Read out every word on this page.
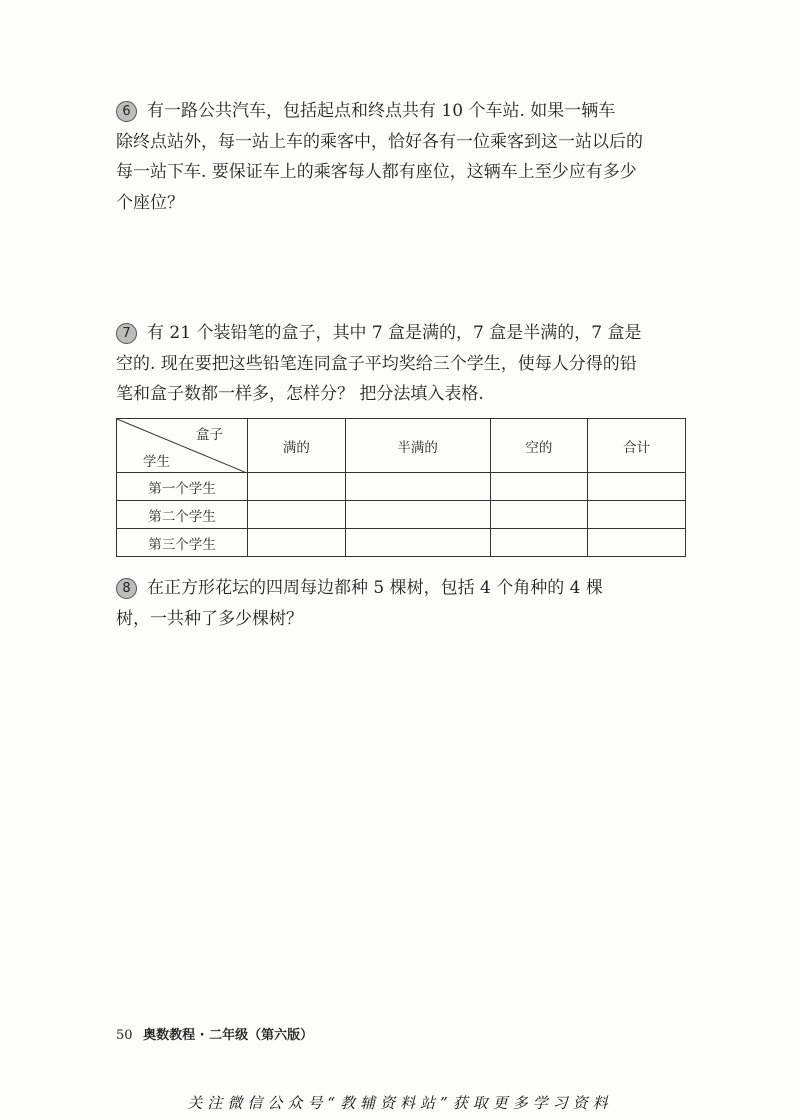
6 有一路公共汽车，包括起点和终点共有 10 个车站. 如果一辆车
除终点站外，每一站上车的乘客中，恰好各有一位乘客到这一站以后的
每一站下车. 要保证车上的乘客每人都有座位，这辆车上至少应有多少
个座位？
7 有 21 个装铅笔的盒子，其中 7 盒是满的，7 盒是半满的，7 盒是
空的. 现在要把这些铅笔连同盒子平均奖给三个学生，使每人分得的铅
笔和盒子数都一样多，怎样分？ 把分法填入表格.
盒子
学生	满的	半满的	空的	合计
第一个学生				
第二个学生				
第三个学生				
8 在正方形花坛的四周每边都种 5 棵树，包括 4 个角种的 4 棵
树，一共种了多少棵树？
50 奥数教程 · 二年级（第六版）
关注微信公众号“教辅资料站”获取更多学习资料
